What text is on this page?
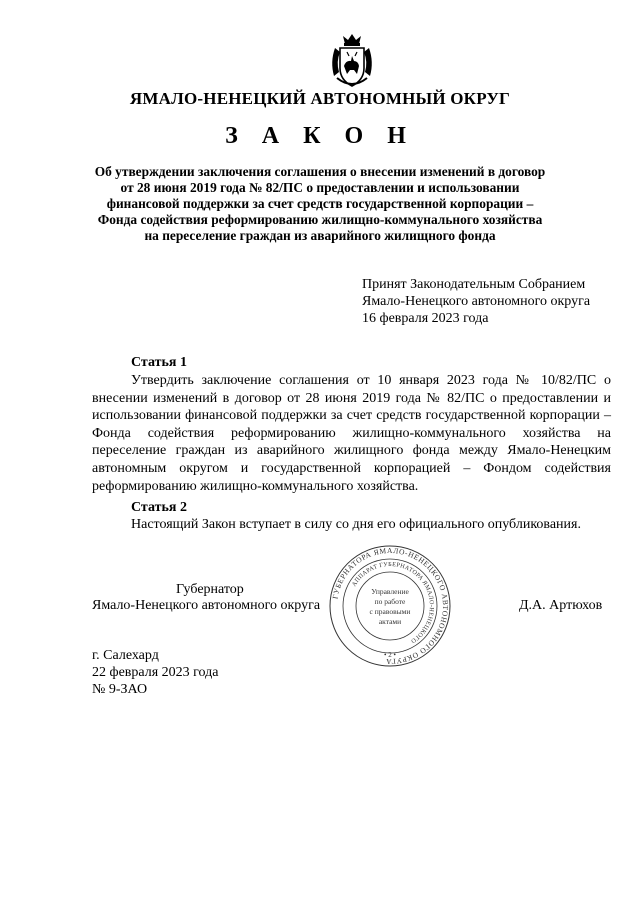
ЯМАЛО-НЕНЕЦКИЙ АВТОНОМНЫЙ ОКРУГ
З А К О Н
Об утверждении заключения соглашения о внесении изменений в договор
от 28 июня 2019 года № 82/ПС о предоставлении и использовании
финансовой поддержки за счет средств государственной корпорации –
Фонда содействия реформированию жилищно-коммунального хозяйства
на переселение граждан из аварийного жилищного фонда
Принят Законодательным Собранием
Ямало-Ненецкого автономного округа
16 февраля 2023 года
Статья 1
Утвердить заключение соглашения от 10 января 2023 года № 10/82/ПС о внесении изменений в договор от 28 июня 2019 года № 82/ПС о предоставлении и использовании финансовой поддержки за счет средств государственной корпорации – Фонда содействия реформированию жилищно-коммунального хозяйства на переселение граждан из аварийного жилищного фонда между Ямало-Ненецким автономным округом и государственной корпорацией – Фондом содействия реформированию жилищно-коммунального хозяйства.
Статья 2
Настоящий Закон вступает в силу со дня его официального опубликования.
Губернатор
Ямало-Ненецкого автономного округа	Д.А. Артюхов
ГУБЕРНАТОРА ЯМАЛО-НЕНЕЦКОГО АВТОНОМНОГО ОКРУГА
АППАРАТ ГУБЕРНАТОРА ЯМАЛО-НЕНЕЦКОГО
Управление
по работе
с правовыми
актами
• 2 •
г. Салехард
22 февраля 2023 года
№ 9-ЗАО
